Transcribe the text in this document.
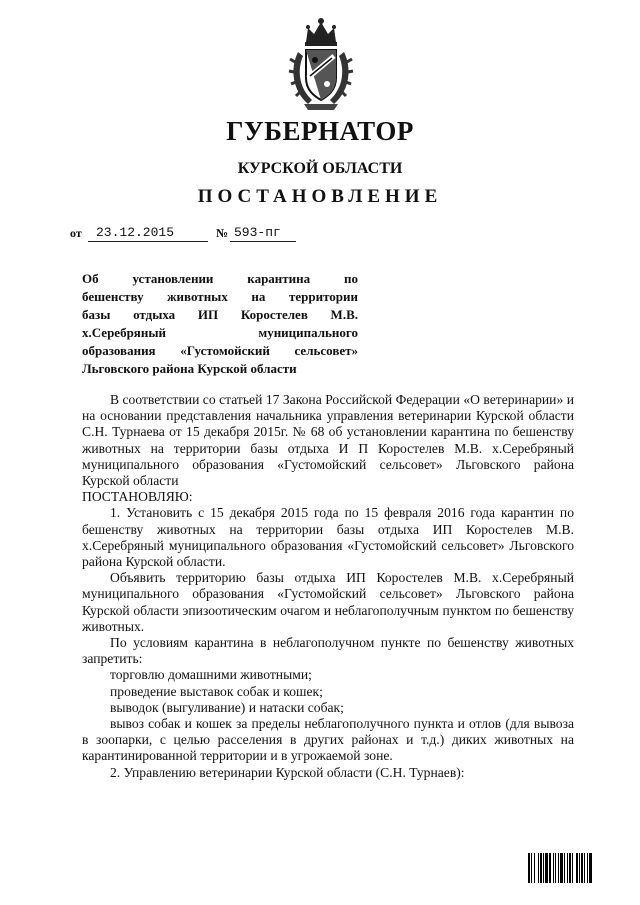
ГУБЕРНАТОР
КУРСКОЙ ОБЛАСТИ
ПОСТАНОВЛЕНИЕ
от 23.12.2015	№ 593-пг
Об установлении карантина по
бешенству животных на территории
базы отдыха ИП Коростелев М.В.
х.Серебряный муниципального
образования «Густомойский сельсовет»
Льговского района Курской области

В соответствии со статьей 17 Закона Российской Федерации «О ветеринарии» и на основании представления начальника управления ветеринарии Курской области С.Н. Турнаева от 15 декабря 2015г. № 68 об установлении карантина по бешенству животных на территории базы отдыха И П Коростелев М.В. х.Серебряный муниципального образования «Густомойский сельсовет» Льговского района Курской области

ПОСТАНОВЛЯЮ:

1. Установить с 15 декабря 2015 года по 15 февраля 2016 года карантин по бешенству животных на территории базы отдыха ИП Коростелев М.В. х.Серебряный муниципального образования «Густомойский сельсовет» Льговского района Курской области.

Объявить территорию базы отдыха ИП Коростелев М.В. х.Серебряный муниципального образования «Густомойский сельсовет» Льговского района Курской области эпизоотическим очагом и неблагополучным пунктом по бешенству животных.

По условиям карантина в неблагополучном пункте по бешенству животных запретить:

торговлю домашними животными;

проведение выставок собак и кошек;

выводок (выгуливание) и натаски собак;

вывоз собак и кошек за пределы неблагополучного пункта и отлов (для вывоза в зоопарки, с целью расселения в других районах и т.д.) диких животных на карантинированной территории и в угрожаемой зоне.

2. Управлению ветеринарии Курской области (С.Н. Турнаев):
